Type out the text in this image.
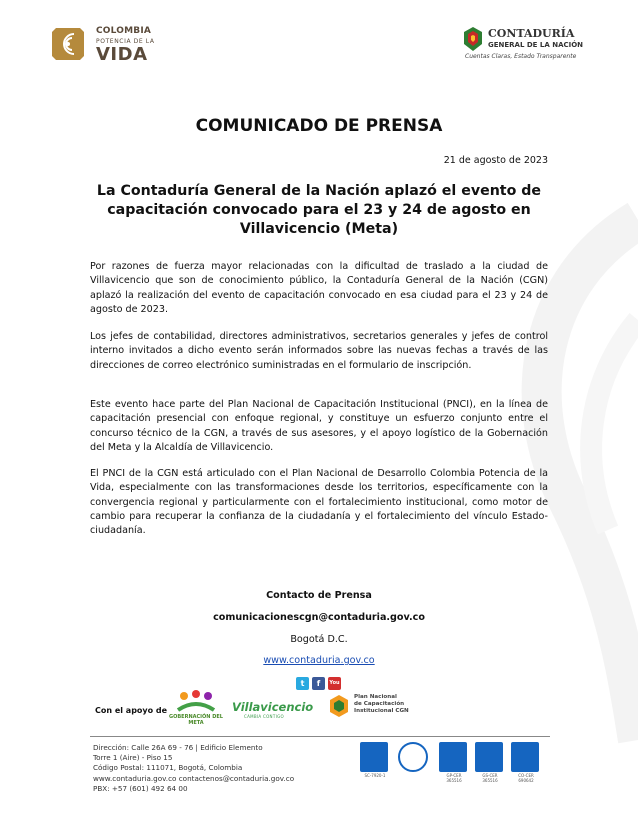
COLOMBIA
POTENCIA DE LA
VIDA
CONTADURÍA
GENERAL DE LA NACIÓN
Cuentas Claras, Estado Transparente
COMUNICADO DE PRENSA
21 de agosto de 2023
La Contaduría General de la Nación aplazó el evento de capacitación convocado para el 23 y 24 de agosto en Villavicencio (Meta)

Por razones de fuerza mayor relacionadas con la dificultad de traslado a la ciudad de Villavicencio que son de conocimiento público, la Contaduría General de la Nación (CGN) aplazó la realización del evento de capacitación convocado en esa ciudad para el 23 y 24 de agosto de 2023.

Los jefes de contabilidad, directores administrativos, secretarios generales y jefes de control interno invitados a dicho evento serán informados sobre las nuevas fechas a través de las direcciones de correo electrónico suministradas en el formulario de inscripción.

Este evento hace parte del Plan Nacional de Capacitación Institucional (PNCI), en la línea de capacitación presencial con enfoque regional, y constituye un esfuerzo conjunto entre el concurso técnico de la CGN, a través de sus asesores, y el apoyo logístico de la Gobernación del Meta y la Alcaldía de Villavicencio.

El PNCI de la CGN está articulado con el Plan Nacional de Desarrollo Colombia Potencia de la Vida, especialmente con las transformaciones desde los territorios, específicamente con la convergencia regional y particularmente con el fortalecimiento institucional, como motor de cambio para recuperar la confianza de la ciudadanía y el fortalecimiento del vínculo Estado-ciudadanía.

Contacto de Prensa
comunicacionescgn@contaduria.gov.co
Bogotá D.C.
www.contaduria.gov.co
t	f	You
Con el apoyo de
GOBERNACIÓN DEL META
Villavicencio
CAMBIA CONTIGO
Plan Nacional
de Capacitación
Institucional CGN
Dirección: Calle 26A 69 - 76 | Edificio Elemento
Torre 1 (Aire) - Piso 15
Código Postal: 111071, Bogotá, Colombia
www.contaduria.gov.co contactenos@contaduria.gov.co
PBX: +57 (601) 492 64 00
SC-7920-1	GP-CER 365516
GS-CER 365516
CO-CER 690642
